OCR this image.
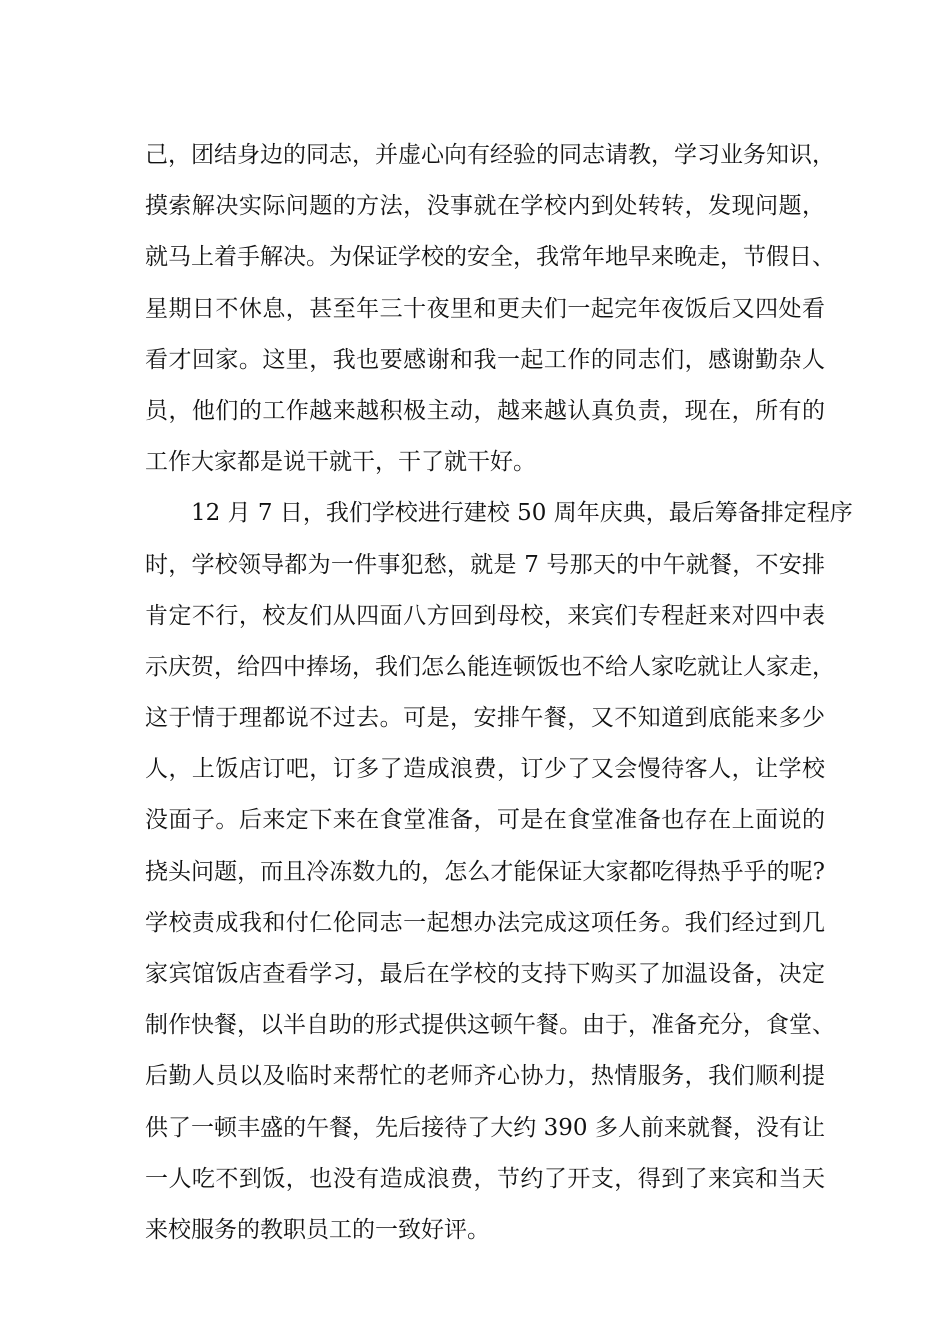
己，团结身边的同志，并虚心向有经验的同志请教，学习业务知识，
摸索解决实际问题的方法，没事就在学校内到处转转，发现问题，
就马上着手解决。为保证学校的安全，我常年地早来晚走，节假日、
星期日不休息，甚至年三十夜里和更夫们一起完年夜饭后又四处看
看才回家。这里，我也要感谢和我一起工作的同志们，感谢勤杂人
员，他们的工作越来越积极主动，越来越认真负责，现在，所有的
工作大家都是说干就干，干了就干好。
12 月 7 日，我们学校进行建校 50 周年庆典，最后筹备排定程序
时，学校领导都为一件事犯愁，就是 7 号那天的中午就餐，不安排
肯定不行，校友们从四面八方回到母校，来宾们专程赶来对四中表
示庆贺，给四中捧场，我们怎么能连顿饭也不给人家吃就让人家走，
这于情于理都说不过去。可是，安排午餐，又不知道到底能来多少
人，上饭店订吧，订多了造成浪费，订少了又会慢待客人，让学校
没面子。后来定下来在食堂准备，可是在食堂准备也存在上面说的
挠头问题，而且冷冻数九的，怎么才能保证大家都吃得热乎乎的呢?
学校责成我和付仁伦同志一起想办法完成这项任务。我们经过到几
家宾馆饭店查看学习，最后在学校的支持下购买了加温设备，决定
制作快餐，以半自助的形式提供这顿午餐。由于，准备充分，食堂、
后勤人员以及临时来帮忙的老师齐心协力，热情服务，我们顺利提
供了一顿丰盛的午餐，先后接待了大约 390 多人前来就餐，没有让
一人吃不到饭，也没有造成浪费，节约了开支，得到了来宾和当天
来校服务的教职员工的一致好评。
